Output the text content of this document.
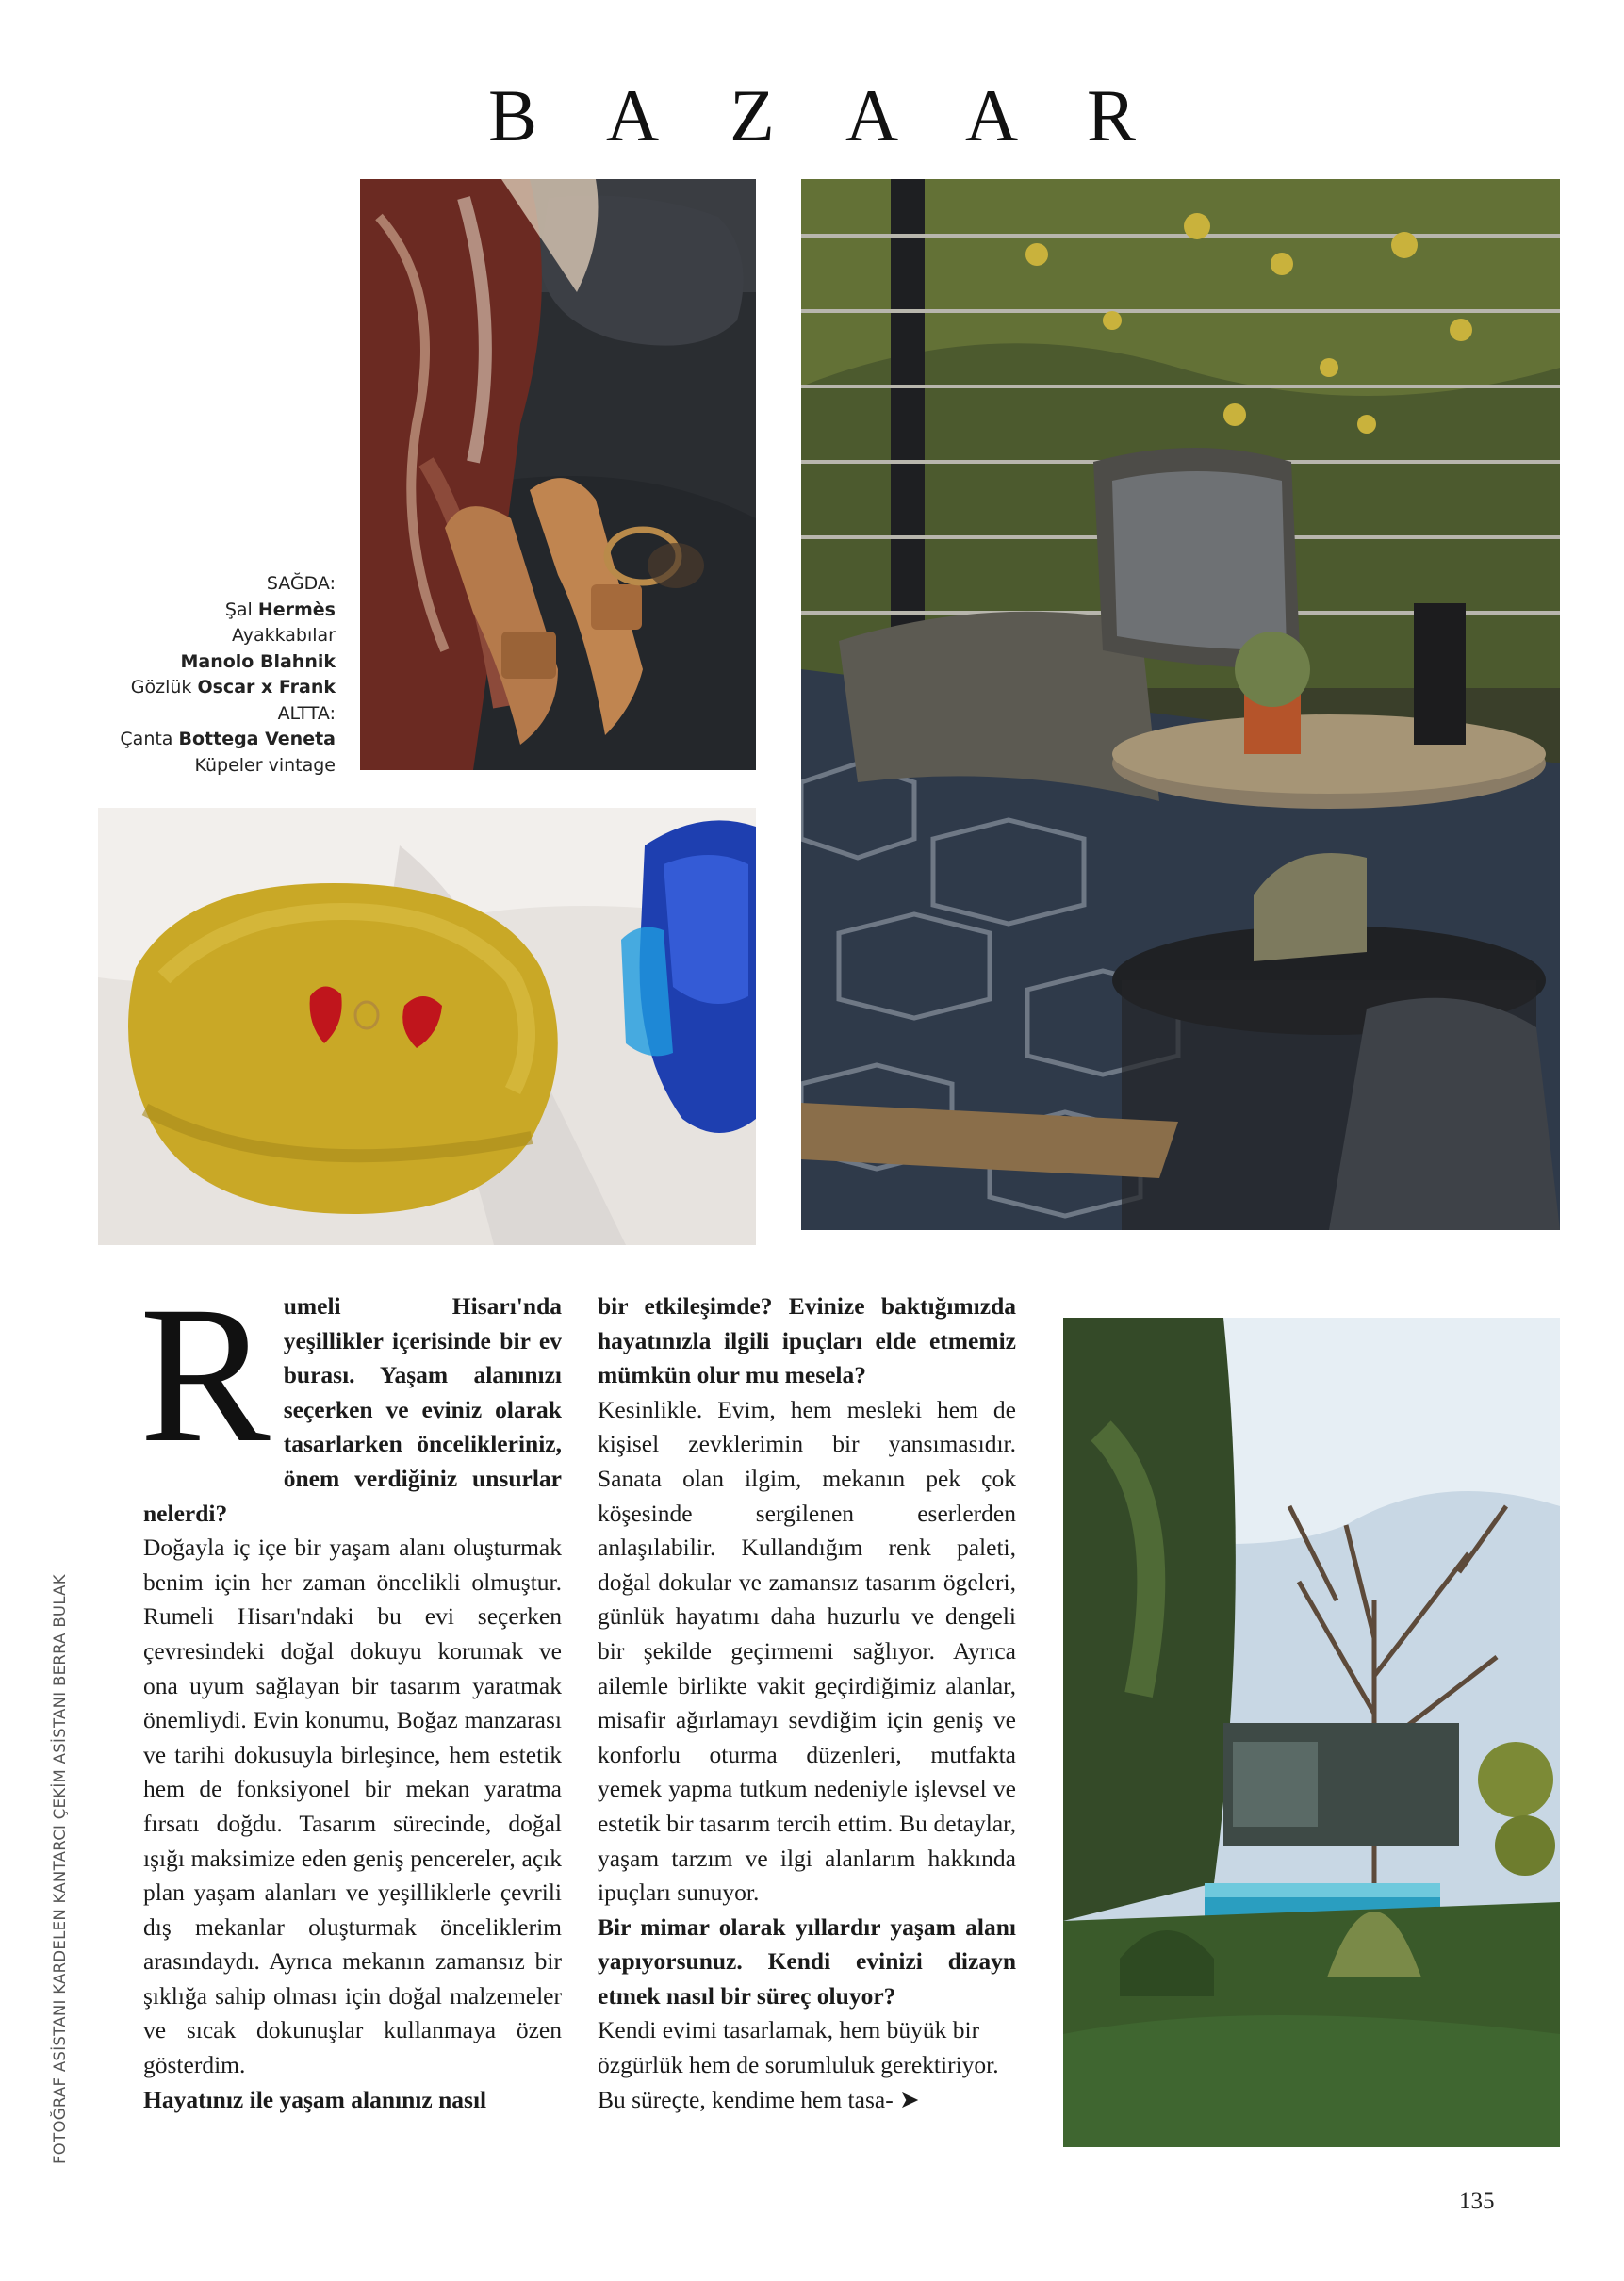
B A Z A A R
SAĞDA:
Şal Hermès
Ayakkabılar
Manolo Blahnik
Gözlük Oscar x Frank
ALTTA:
Çanta Bottega Veneta
Küpeler vintage
FOTOĞRAF ASİSTANI KARDELEN KANTARCI ÇEKİM ASİSTANI BERRA BULAK

R umeli Hisarı'nda yeşillikler içerisinde bir ev burası. Yaşam alanınızı seçerken ve eviniz olarak tasarlarken öncelikleriniz, önem verdiğiniz unsurlar nelerdi?

Doğayla iç içe bir yaşam alanı oluşturmak benim için her zaman öncelikli olmuştur. Rumeli Hisarı'ndaki bu evi seçerken çevresindeki doğal dokuyu korumak ve ona uyum sağlayan bir tasarım yaratmak önemliydi. Evin konumu, Boğaz manzarası ve tarihi dokusuyla birleşince, hem estetik hem de fonksiyonel bir mekan yaratma fırsatı doğdu. Tasarım sürecinde, doğal ışığı maksimize eden geniş pencereler, açık plan yaşam alanları ve yeşilliklerle çevrili dış mekanlar oluşturmak önceliklerim arasındaydı. Ayrıca mekanın zamansız bir şıklığa sahip olması için doğal malzemeler ve sıcak dokunuşlar kullanmaya özen gösterdim.

Hayatınız ile yaşam alanınız nasıl

bir etkileşimde? Evinize baktığımızda hayatınızla ilgili ipuçları elde etmemiz mümkün olur mu mesela?

Kesinlikle. Evim, hem mesleki hem de kişisel zevklerimin bir yansımasıdır. Sanata olan ilgim, mekanın pek çok köşesinde sergilenen eserlerden anlaşılabilir. Kullandığım renk paleti, doğal dokular ve zamansız tasarım ögeleri, günlük hayatımı daha huzurlu ve dengeli bir şekilde geçirmemi sağlıyor. Ayrıca ailemle birlikte vakit geçirdiğimiz alanlar, misafir ağırlamayı sevdiğim için geniş ve konforlu oturma düzenleri, mutfakta yemek yapma tutkum nedeniyle işlevsel ve estetik bir tasarım tercih ettim. Bu detaylar, yaşam tarzım ve ilgi alanlarım hakkında ipuçları sunuyor.

Bir mimar olarak yıllardır yaşam alanı yapıyorsunuz. Kendi evinizi dizayn etmek nasıl bir süreç oluyor?

Kendi evimi tasarlamak, hem büyük bir özgürlük hem de sorumluluk gerektiriyor. Bu süreçte, kendime hem tasa- ➤

135
